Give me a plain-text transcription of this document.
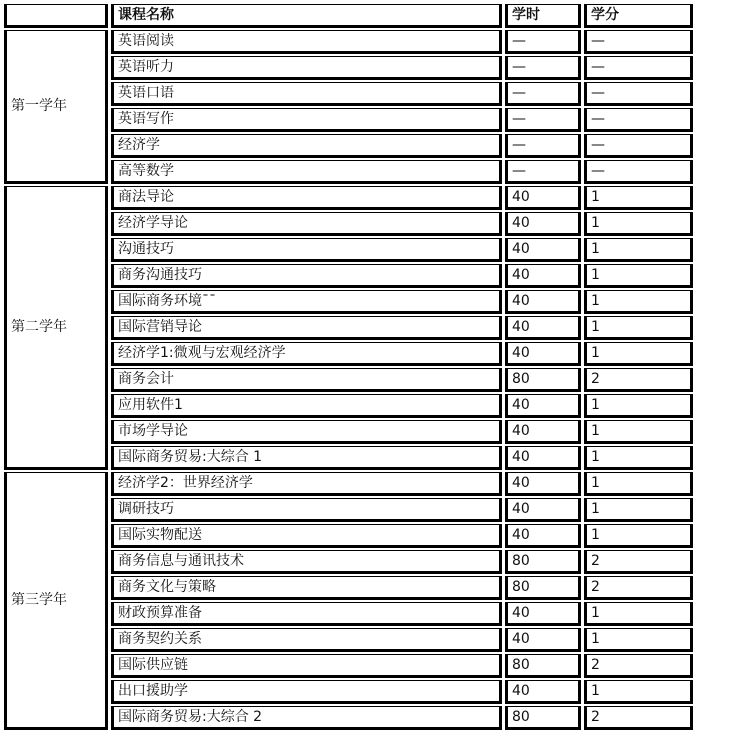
	课程名称	学时	学分
第一学年	英语阅读	—	—
	英语听力	—	—
	英语口语	—	—
	英语写作	—	—
	经济学	—	—
	高等数学	—	—
第二学年	商法导论	40	1
	经济学导论	40	1
	沟通技巧	40	1
	商务沟通技巧	40	1
	国际商务环境¯¯	40	1
	国际营销导论	40	1
	经济学1:微观与宏观经济学	40	1
	商务会计	80	2
	应用软件1	40	1
	市场学导论	40	1
	国际商务贸易:大综合 1	40	1
第三学年	经济学2：世界经济学	40	1
	调研技巧	40	1
	国际实物配送	40	1
	商务信息与通讯技术	80	2
	商务文化与策略	80	2
	财政预算准备	40	1
	商务契约关系	40	1
	国际供应链	80	2
	出口援助学	40	1
	国际商务贸易:大综合 2	80	2
